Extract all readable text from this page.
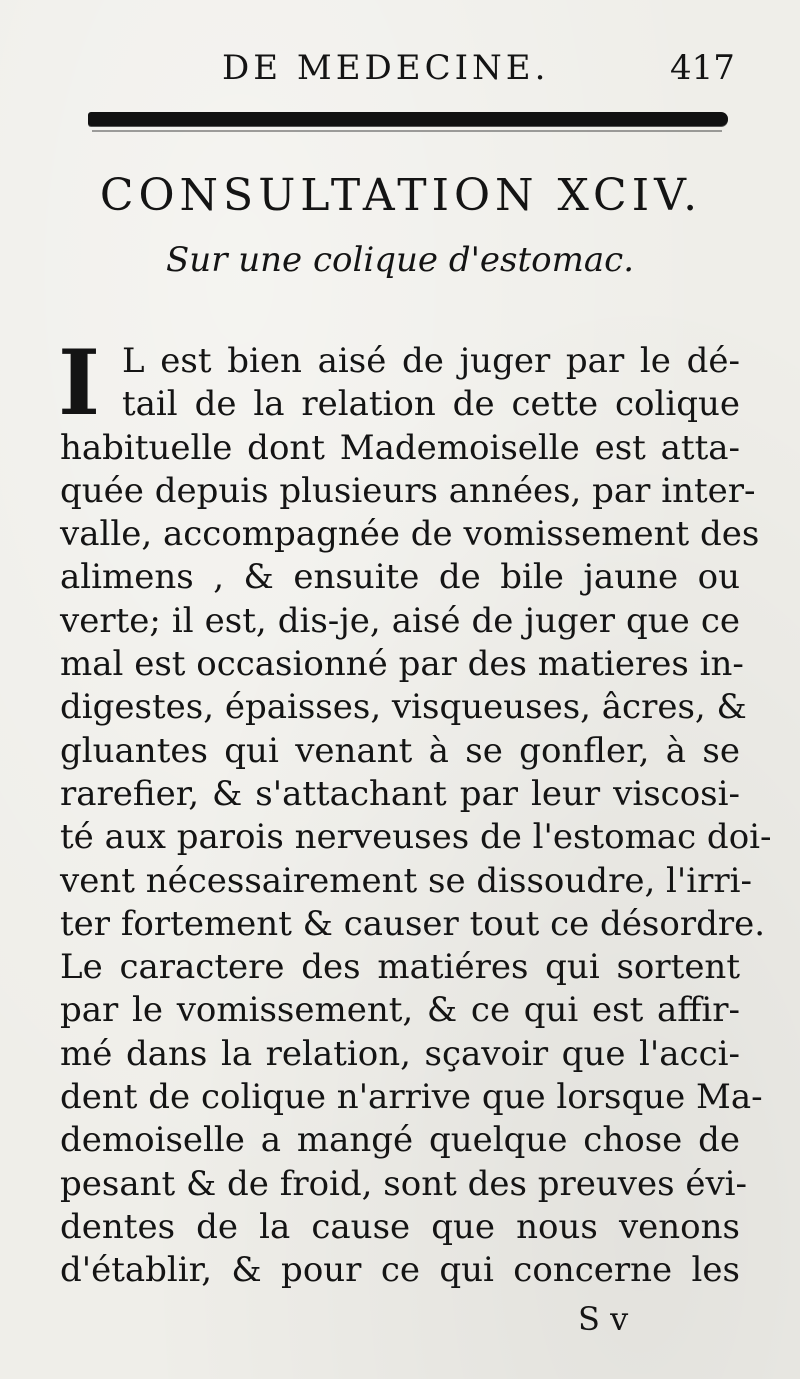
DE MEDECINE.	417
CONSULTATION XCIV.
Sur une colique d'estomac.
I L est bien aisé de juger par le dé-
tail de la relation de cette colique
habituelle dont Mademoiselle est atta-
quée depuis plusieurs années, par inter-
valle, accompagnée de vomissement des
alimens , & ensuite de bile jaune ou
verte; il est, dis-je, aisé de juger que ce
mal est occasionné par des matieres in-
digestes, épaisses, visqueuses, âcres, &
gluantes qui venant à se gonfler, à se
rarefier, & s'attachant par leur viscosi-
té aux parois nerveuses de l'estomac doi-
vent nécessairement se dissoudre, l'irri-
ter fortement & causer tout ce désordre.
Le caractere des matiéres qui sortent
par le vomissement, & ce qui est affir-
mé dans la relation, sçavoir que l'acci-
dent de colique n'arrive que lorsque Ma-
demoiselle a mangé quelque chose de
pesant & de froid, sont des preuves évi-
dentes de la cause que nous venons
d'établir, & pour ce qui concerne les
S v
